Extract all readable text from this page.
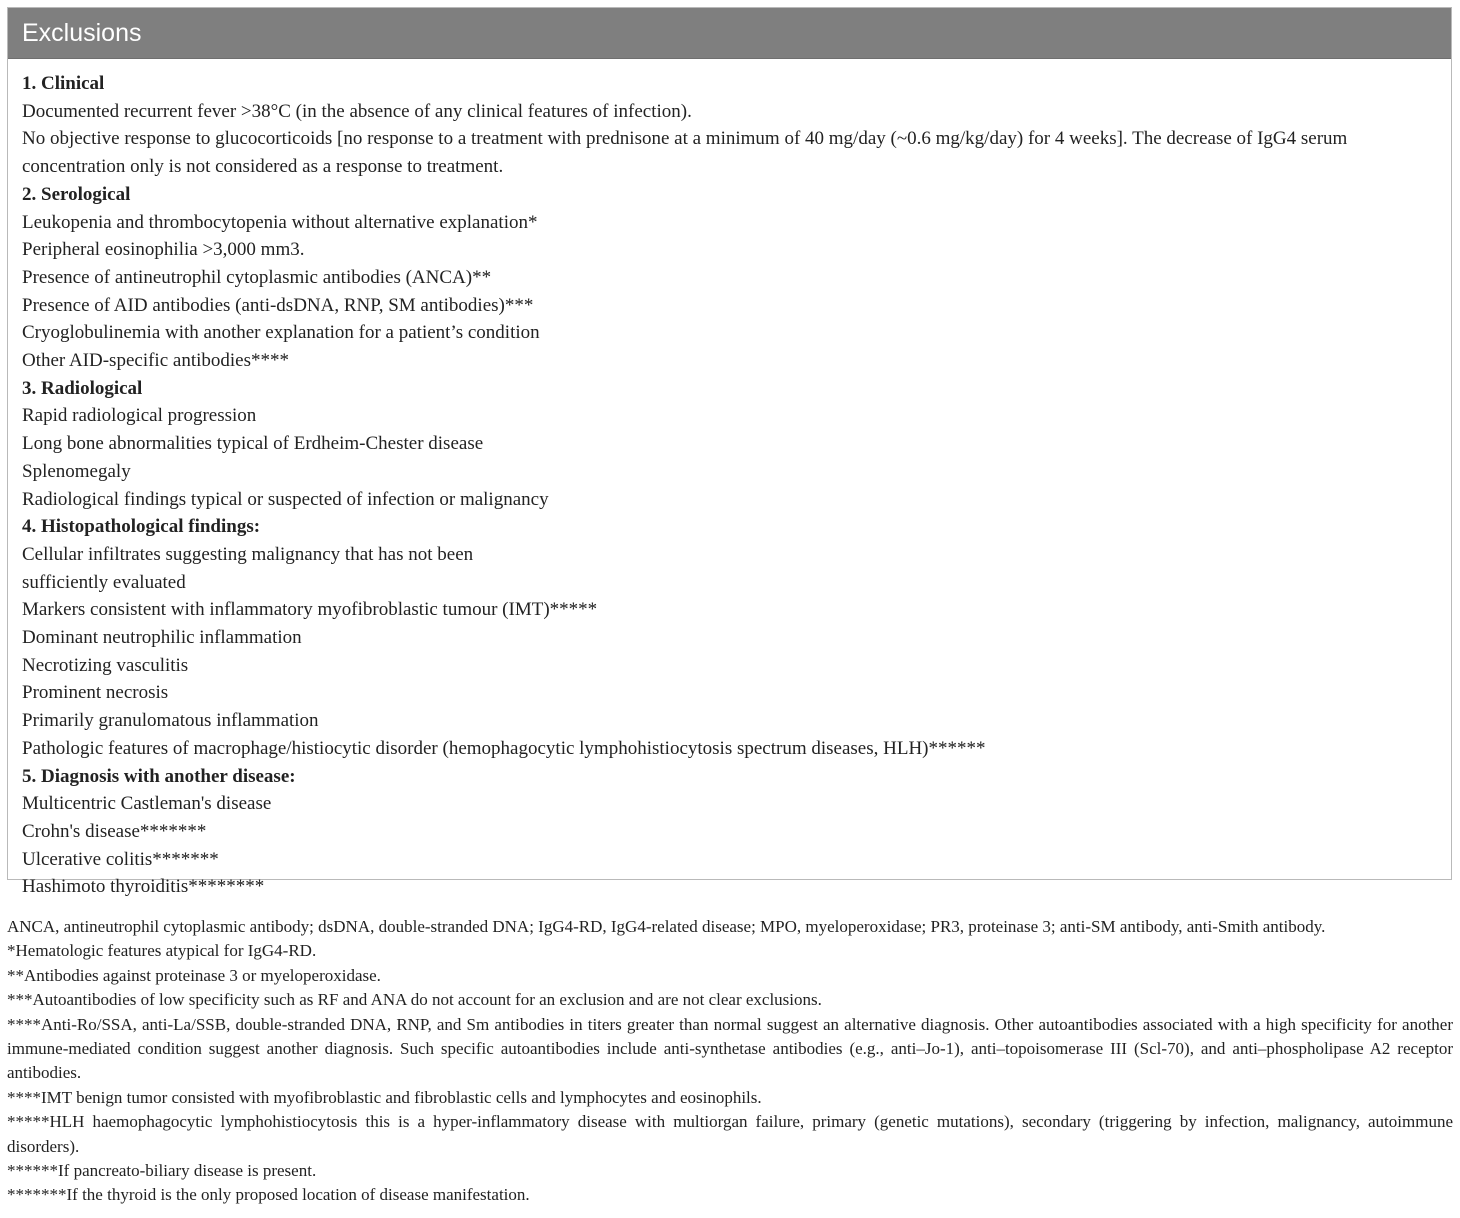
Exclusions
1. Clinical
Documented recurrent fever >38°C (in the absence of any clinical features of infection).
No objective response to glucocorticoids [no response to a treatment with prednisone at a minimum of 40 mg/day (~0.6 mg/kg/day) for 4 weeks]. The decrease of IgG4 serum concentration only is not considered as a response to treatment.
2. Serological
Leukopenia and thrombocytopenia without alternative explanation*
Peripheral eosinophilia >3,000 mm3.
Presence of antineutrophil cytoplasmic antibodies (ANCA)**
Presence of AID antibodies (anti-dsDNA, RNP, SM antibodies)***
Cryoglobulinemia with another explanation for a patient’s condition
Other AID-specific antibodies****
3. Radiological
Rapid radiological progression
Long bone abnormalities typical of Erdheim-Chester disease
Splenomegaly
Radiological findings typical or suspected of infection or malignancy
4. Histopathological findings:
Cellular infiltrates suggesting malignancy that has not been
sufficiently evaluated
Markers consistent with inflammatory myofibroblastic tumour (IMT)*****
Dominant neutrophilic inflammation
Necrotizing vasculitis
Prominent necrosis
Primarily granulomatous inflammation
Pathologic features of macrophage/histiocytic disorder (hemophagocytic lymphohistiocytosis spectrum diseases, HLH)******
5. Diagnosis with another disease:
Multicentric Castleman's disease
Crohn's disease*******
Ulcerative colitis*******
Hashimoto thyroiditis********
ANCA, antineutrophil cytoplasmic antibody; dsDNA, double-stranded DNA; IgG4-RD, IgG4-related disease; MPO, myeloperoxidase; PR3, proteinase 3; anti-SM antibody, anti-Smith antibody.
*Hematologic features atypical for IgG4-RD.
**Antibodies against proteinase 3 or myeloperoxidase.
***Autoantibodies of low specificity such as RF and ANA do not account for an exclusion and are not clear exclusions.
****Anti-Ro/SSA, anti-La/SSB, double-stranded DNA, RNP, and Sm antibodies in titers greater than normal suggest an alternative diagnosis. Other autoantibodies associated with a high specificity for another immune-mediated condition suggest another diagnosis. Such specific autoantibodies include anti-synthetase antibodies (e.g., anti–Jo-1), anti–topoisomerase III (Scl-70), and anti–phospholipase A2 receptor antibodies.
****IMT benign tumor consisted with myofibroblastic and fibroblastic cells and lymphocytes and eosinophils.
*****HLH haemophagocytic lymphohistiocytosis this is a hyper-inflammatory disease with multiorgan failure, primary (genetic mutations), secondary (triggering by infection, malignancy, autoimmune disorders).
******If pancreato-biliary disease is present.
*******If the thyroid is the only proposed location of disease manifestation.
